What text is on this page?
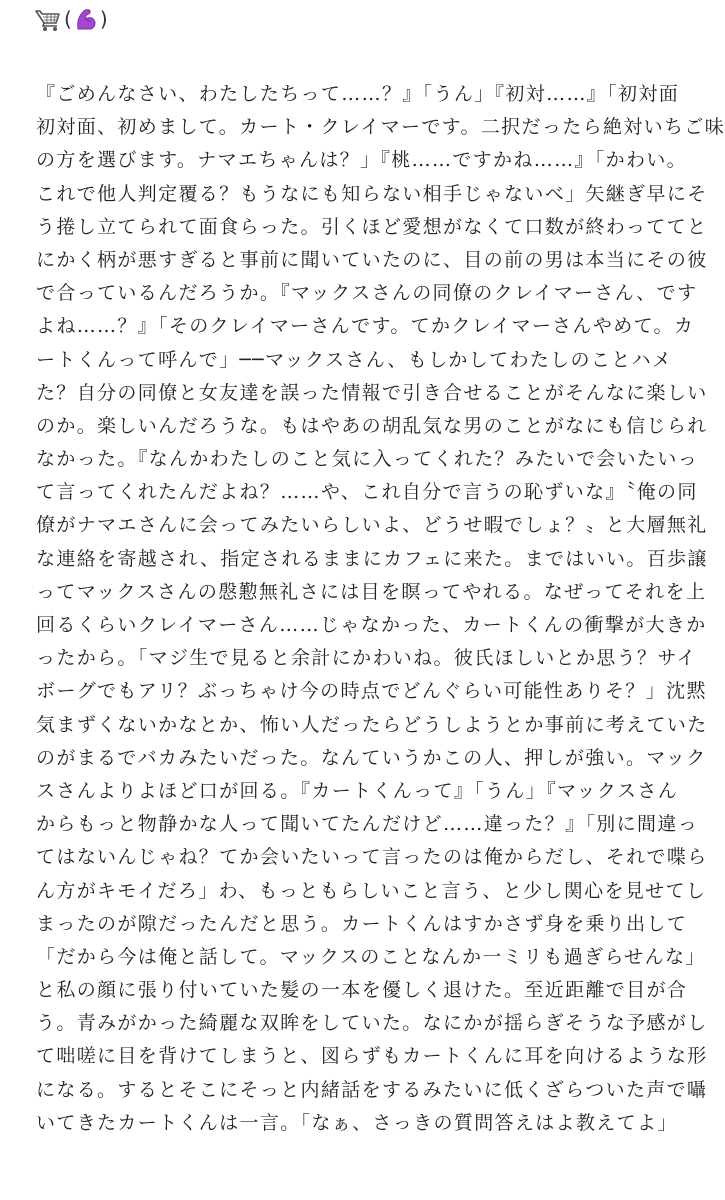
( )
『ごめんなさい、わたしたちって……？』「うん」『初対……』「初対面
初対面、初めまして。カート・クレイマーです。二択だったら絶対いちご味
の方を選びます。ナマエちゃんは？」『桃……ですかね……』「かわい。
これで他人判定覆る？もうなにも知らない相手じゃないべ」矢継ぎ早にそ
う捲し立てられて面食らった。引くほど愛想がなくて口数が終わっててと
にかく柄が悪すぎると事前に聞いていたのに、目の前の男は本当にその彼
で合っているんだろうか。『マックスさんの同僚のクレイマーさん、です
よね……？』「そのクレイマーさんです。てかクレイマーさんやめて。カ
ートくんって呼んで」──マックスさん、もしかしてわたしのことハメ
た？自分の同僚と女友達を誤った情報で引き合せることがそんなに楽しい
のか。楽しいんだろうな。もはやあの胡乱気な男のことがなにも信じられ
なかった。『なんかわたしのこと気に入ってくれた？みたいで会いたいっ
て言ってくれたんだよね？……や、これ自分で言うの恥ずいな』〝俺の同
僚がナマエさんに会ってみたいらしいよ、どうせ暇でしょ？〟と大層無礼
な連絡を寄越され、指定されるままにカフェに来た。まではいい。百歩譲
ってマックスさんの慇懃無礼さには目を瞑ってやれる。なぜってそれを上
回るくらいクレイマーさん……じゃなかった、カートくんの衝撃が大きか
ったから。「マジ生で見ると余計にかわいね。彼氏ほしいとか思う？サイ
ボーグでもアリ？ぶっちゃけ今の時点でどんぐらい可能性ありそ？」沈黙
気まずくないかなとか、怖い人だったらどうしようとか事前に考えていた
のがまるでバカみたいだった。なんていうかこの人、押しが強い。マック
スさんよりよほど口が回る。『カートくんって』「うん」『マックスさん
からもっと物静かな人って聞いてたんだけど……違った？』「別に間違っ
てはないんじゃね？てか会いたいって言ったのは俺からだし、それで喋ら
ん方がキモイだろ」わ、もっともらしいこと言う、と少し関心を見せてし
まったのが隙だったんだと思う。カートくんはすかさず身を乗り出して
「だから今は俺と話して。マックスのことなんか一ミリも過ぎらせんな」
と私の顔に張り付いていた髪の一本を優しく退けた。至近距離で目が合
う。青みがかった綺麗な双眸をしていた。なにかが揺らぎそうな予感がし
て咄嗟に目を背けてしまうと、図らずもカートくんに耳を向けるような形
になる。するとそこにそっと内緒話をするみたいに低くざらついた声で囁
いてきたカートくんは一言。「なぁ、さっきの質問答えはよ教えてよ」
